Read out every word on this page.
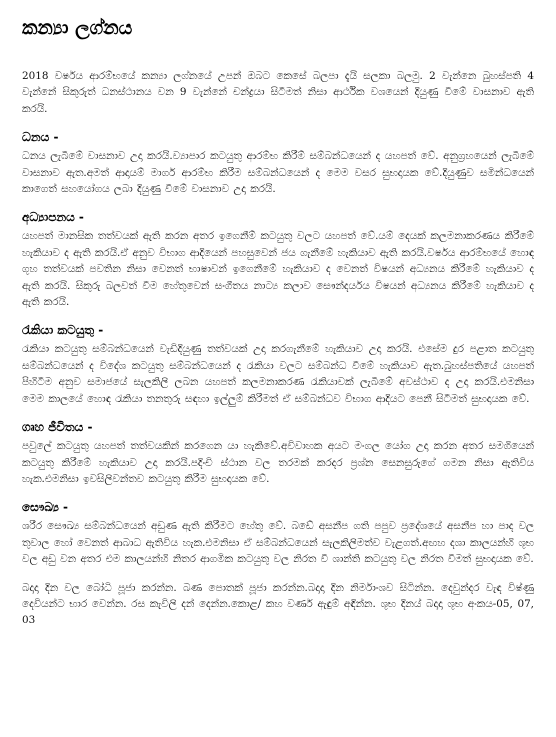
කන්‍යා ලග්නය

2018 වර්ෂය ආරම්භයේ කන්‍යා ලග්නයේ උපන් ඔබට කෙසේ බලපා දැයි සලකා බලමු. 2 වැන්නෙ බුහස්පති 4 වැන්නේ සිකුරුත් ධනස්ථානය වන 9 වැන්නේ චන්ද්‍රයා සිටීමත් නිසා ආර්ථික වශයෙන් දියුණු වීමේ වාසනාව ඇති කරයි.

ධනය -

ධනය ලැබීමේ වාසනාව උදා කරයි.ව්‍යාපාර කටයුතු ආරම්භ කිරීම් සම්බන්ධයෙන් ද යහපත් වේ. අනුග්‍රහයෙන් ලැබීමේ වාසනාව ඇත.අමත් ආදායම් මාර්ග ආරම්භ කිරීම සම්බන්ධයෙන් ද මෙම වසර සුභදායක වේ.දියුණුව සමින්ධයෙන් කාගෙත් සහයෝගය ලබා දියුණු වීමේ වාසනාව උදා කරයි.

අධ්‍යාපනය -

යහපත් මානසික තත්වයක් ඇති කරන අතර ඉගෙනීම් කටයුතු වලට යහපත් වේ.යම් දෙයක් කලමනාකරණය කිරීමේ හැකියාව ද ඇති කරයි.ඒ අනුව විභාග ආදියෙන් පහසුවෙන් ජය ගැනීමේ හැකියාව ඇති කරයි.වර්ෂය ආරම්භයේ හොඳ ගුහ තත්වයක් පවතින නිසා වෙනත් භාෂාවන් ඉගෙනීමේ හැකියාව ද වෙනත් විෂයන් අධ්‍යනය කිරීමේ හැකියාව ද ඇති කරයි. සිකුරු බලවත් වීම හේතුවෙන් සංගීතය නාට්‍ය කලාව සෞන්දර්යය විෂයන් අධ්‍යනය කිරීමේ හැකියාව ද ඇති කරයි.

රැකියා කටයුතු -

රැකියා කටයුතු සම්බන්ධයෙන් වැඩිදියුණු තත්වයක් උදා කරගැනීමේ හැකියාව උදා කරයි. එසේම දුර පළාත කටයුතු සම්බන්ධයෙන් ද විදේශ කටයුතු සම්බන්ධයෙන් ද රැකියා වලට සම්බන්ධ වීමේ හැකියාව ඇත.බුහස්පතියේ යහපත් පිහිටීම අනුව සමාජයේ සැලකිලි ලබන යහපත් කලමනාකරණ රැකියාවක් ලැබීමේ අවස්ථාව ද උදා කරයි.එමනිසා මෙම කාලයේ හොඳ රැකියා තනතුරු සඳහා ඉල්ලුම් කිරීමත් ඒ සම්බන්ධව විභාග ආදියට පෙනී සිටීමත් සුභදායක වේ.

ගෘහ ජීවිතය -

පවුලේ කටයුතු යහපත් තත්වයකින් කරගෙන යා හැකිවේ.අවිවාහක අයට මංගල යෝග උදා කරන අතර සමගියෙන් කටයුතු කිරීමේ හැකියාව උදා කරයි.පදිංචි ස්ථාන වල තරමක් කරදර ප්‍රශ්න සෙනසුරුගේ ගමන නිසා ඇතිවිය හැක.එමනිසා ඉවසිලිවන්තව කටයුතු කිරීම සුභදායක වේ.

සෞඛ්‍ය -

ශරීර සෞඛ්‍ය සම්බන්ධයෙන් අඩුණ ඇති කිරීමට හේතු වේ. බඩේ අසනීප ගති පපුව ප්‍රදේශයේ අසනීප හා පාද වල තුවාල හෝ වෙනත් ආබාධ ඇතිවිය හැක.එමනිසා ඒ සම්බන්ධයෙන් සැලකිලිමත්ව වැළගත්.අඟහ දශා කාලයන්හි ශුභ වල අඩු වන අතර එම කාලයන්හි නිතර ආගමික කටයුතු වල නිරත වී ශාන්ති කටයුතු වල නිරත වීමත් සුභදායක වේ.

බදාදා දින වල බෝධි පූජා කරන්න. බණ පොතක් පූජා කරන්න.බදාදා දින නිර්මාංශව සිටින්න. දෙවුන්දර වැඳ විෂ්ණු දෙවියන්ට භාර වෙන්න. රස කැවිලි දන් දෙන්න.කොළ/ කහ වර්ණ ඇඳුම් අඳින්න. ශුභ දිනය් බදාදා ශුභ අංකය-05, 07, 03
